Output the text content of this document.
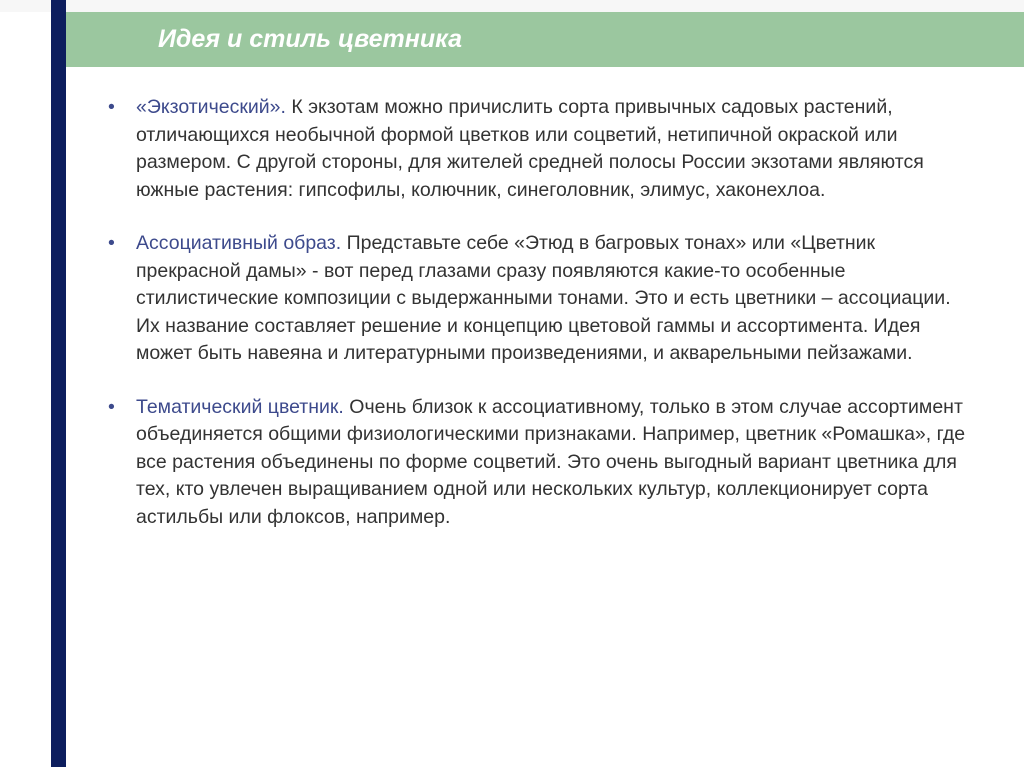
Идея и стиль цветника

• «Экзотический». К экзотам можно причислить сорта привычных садовых растений, отличающихся необычной формой цветков или соцветий, нетипичной окраской или размером. С другой стороны, для жителей средней полосы России экзотами являются южные растения: гипсофилы, колючник, синеголовник, элимус, хаконехлоа.

• Ассоциативный образ. Представьте себе «Этюд в багровых тонах» или «Цветник прекрасной дамы» - вот перед глазами сразу появляются какие-то особенные стилистические композиции с выдержанными тонами. Это и есть цветники – ассоциации. Их название составляет решение и концепцию цветовой гаммы и ассортимента. Идея может быть навеяна и литературными произведениями, и акварельными пейзажами.

• Тематический цветник. Очень близок к ассоциативному, только в этом случае ассортимент объединяется общими физиологическими признаками. Например, цветник «Ромашка», где все растения объединены по форме соцветий. Это очень выгодный вариант цветника для тех, кто увлечен выращиванием одной или нескольких культур, коллекционирует сорта астильбы или флоксов, например.
